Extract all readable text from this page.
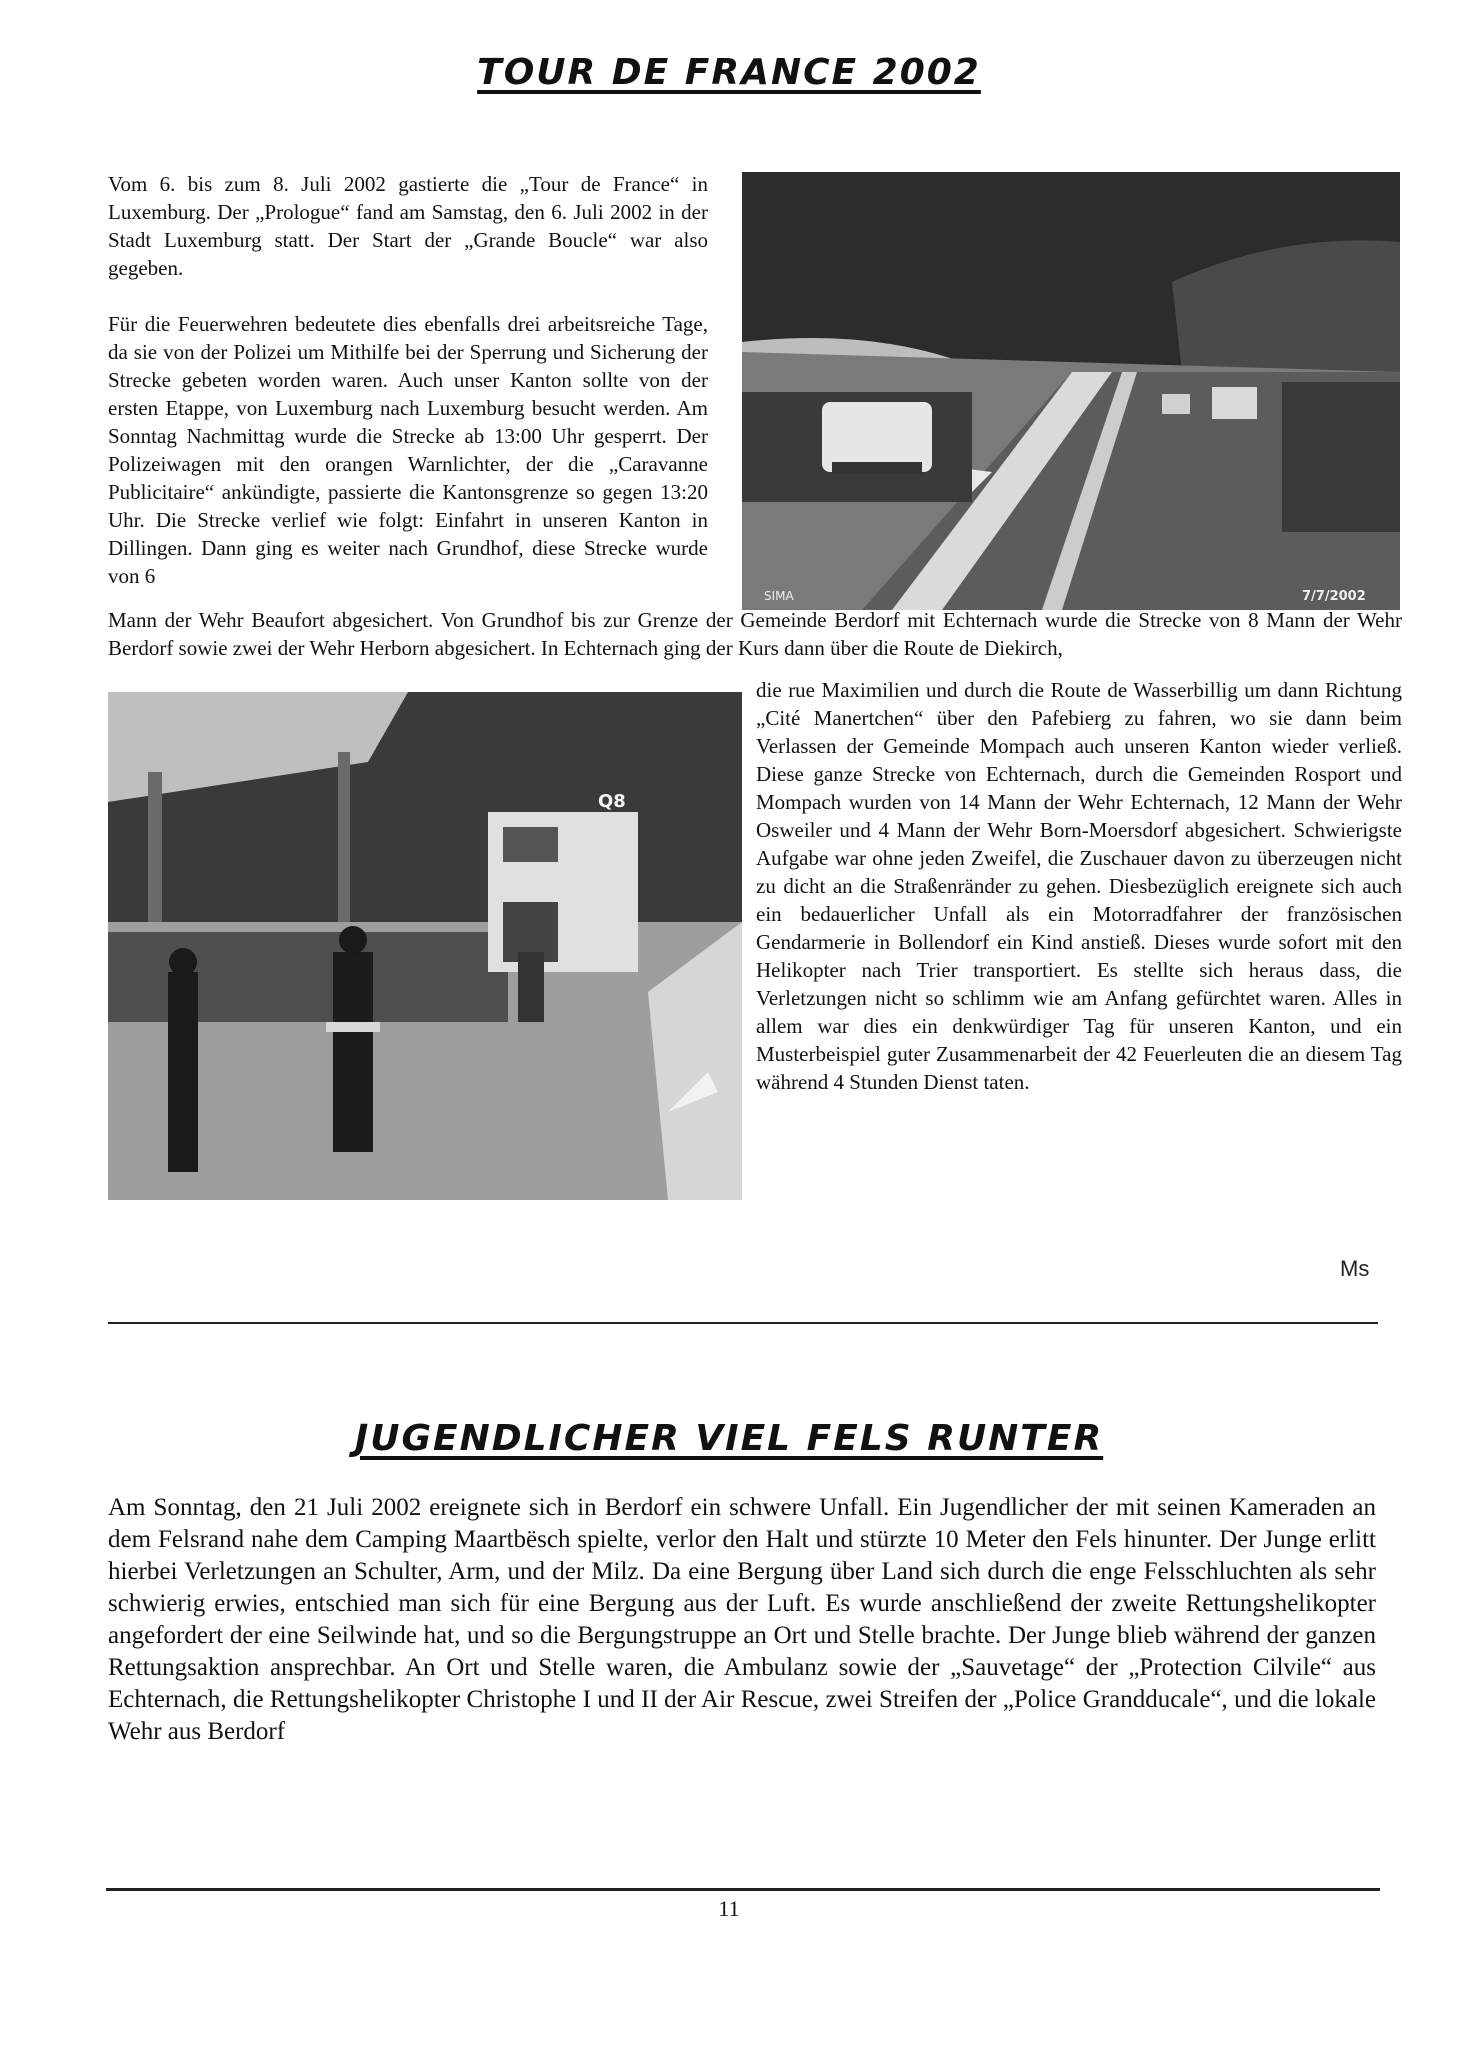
TOUR DE FRANCE 2002

Vom 6. bis zum 8. Juli 2002 gastierte die „Tour de France“ in Luxemburg. Der „Prologue“ fand am Samstag, den 6. Juli 2002 in der Stadt Luxemburg statt. Der Start der „Grande Boucle“ war also gegeben.

Für die Feuerwehren bedeutete dies ebenfalls drei arbeitsreiche Tage, da sie von der Polizei um Mithilfe bei der Sperrung und Sicherung der Strecke gebeten worden waren. Auch unser Kanton sollte von der ersten Etappe, von Luxemburg nach Luxemburg besucht werden. Am Sonntag Nachmittag wurde die Strecke ab 13:00 Uhr gesperrt. Der Polizeiwagen mit den orangen Warnlichter, der die „Caravanne Publicitaire“ ankündigte, passierte die Kantonsgrenze so gegen 13:20 Uhr. Die Strecke verlief wie folgt: Einfahrt in unseren Kanton in Dillingen. Dann ging es weiter nach Grundhof, diese Strecke wurde von 6

SIMA	7/7/2002

Mann der Wehr Beaufort abgesichert. Von Grundhof bis zur Grenze der Gemeinde Berdorf mit Echternach wurde die Strecke von 8 Mann der Wehr Berdorf sowie zwei der Wehr Herborn abgesichert. In Echternach ging der Kurs dann über die Route de Diekirch,

Q8

die rue Maximilien und durch die Route de Wasserbillig um dann Richtung „Cité Manertchen“ über den Pafebierg zu fahren, wo sie dann beim Verlassen der Gemeinde Mompach auch unseren Kanton wieder verließ. Diese ganze Strecke von Echternach, durch die Gemeinden Rosport und Mompach wurden von 14 Mann der Wehr Echternach, 12 Mann der Wehr Osweiler und 4 Mann der Wehr Born-Moersdorf abgesichert. Schwierigste Aufgabe war ohne jeden Zweifel, die Zuschauer davon zu überzeugen nicht zu dicht an die Straßenränder zu gehen. Diesbezüglich ereignete sich auch ein bedauerlicher Unfall als ein Motorradfahrer der französischen Gendarmerie in Bollendorf ein Kind anstieß. Dieses wurde sofort mit den Helikopter nach Trier transportiert. Es stellte sich heraus dass, die Verletzungen nicht so schlimm wie am Anfang gefürchtet waren. Alles in allem war dies ein denkwürdiger Tag für unseren Kanton, und ein Musterbeispiel guter Zusammenarbeit der 42 Feuerleuten die an diesem Tag während 4 Stunden Dienst taten.

Ms
JUGENDLICHER VIEL FELS RUNTER

Am Sonntag, den 21 Juli 2002 ereignete sich in Berdorf ein schwere Unfall. Ein Jugendlicher der mit seinen Kameraden an dem Felsrand nahe dem Camping Maartbësch spielte, verlor den Halt und stürzte 10 Meter den Fels hinunter. Der Junge erlitt hierbei Verletzungen an Schulter, Arm, und der Milz. Da eine Bergung über Land sich durch die enge Felsschluchten als sehr schwierig erwies, entschied man sich für eine Bergung aus der Luft. Es wurde anschließend der zweite Rettungshelikopter angefordert der eine Seilwinde hat, und so die Bergungstruppe an Ort und Stelle brachte. Der Junge blieb während der ganzen Rettungsaktion ansprechbar. An Ort und Stelle waren, die Ambulanz sowie der „Sauvetage“ der „Protection Cilvile“ aus Echternach, die Rettungshelikopter Christophe I und II der Air Rescue, zwei Streifen der „Police Grandducale“, und die lokale Wehr aus Berdorf

11
